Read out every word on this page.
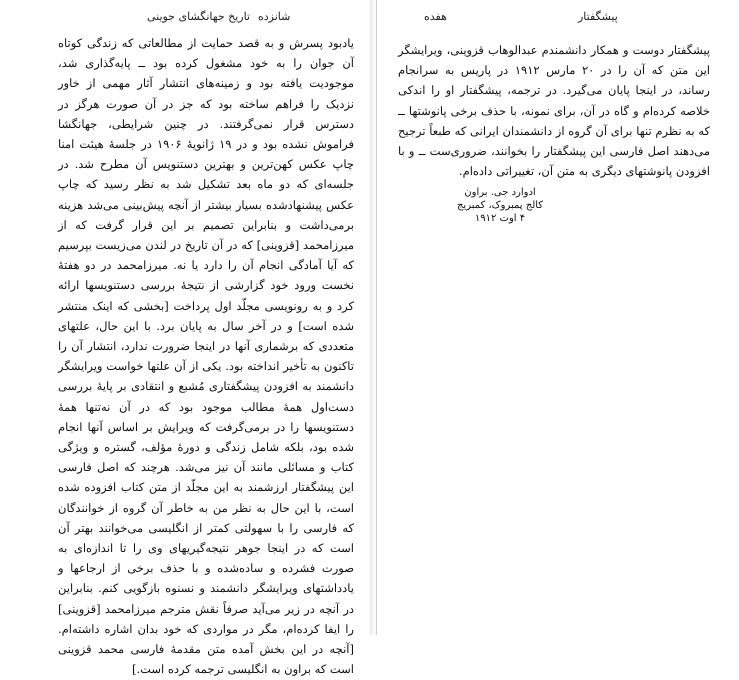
تاریخ جهانگشای جوینی شانزده

یادبود پسرش و به قصد حمایت از مطالعاتی که زندگی کوتاه آن جوان را به خود مشغول کرده بود ــ پایه‌گذاری شد، موجودیت یافته بود و زمینه‌های انتشار آثار مهمی از خاور نزدیک را فراهم ساخته بود که جز در آن صورت هرگز در دسترس قرار نمی‌گرفتند. در چنین شرایطی، جهانگشا فراموش نشده بود و در ۱۹ ژانویهٔ ۱۹۰۶ در جلسهٔ هیئت امنا چاپ عکس کهن‌ترین و بهترین دستنویس آن مطرح شد. در جلسه‌ای که دو ماه بعد تشکیل شد به نظر رسید که چاپ عکس پیشنهادشده بسیار بیشتر از آنچه پیش‌بینی می‌شد هزینه برمی‌داشت و بنابراین تصمیم بر این قرار گرفت که از میرزامحمد [قزوینی] که در آن تاریخ در لندن می‌زیست بپرسیم که آیا آمادگی انجام آن را دارد یا نه. میرزامحمد در دو هفتهٔ نخست ورود خود گزارشی از نتیجهٔ بررسی دستنویسها ارائه کرد و به رونویسی مجلّد اول پرداخت [بخشی که اینک منتشر شده است] و در آخر سال به پایان برد. با این حال، علتهای متعددی که برشماری آنها در اینجا ضرورت ندارد، انتشار آن را تاکنون به تأخیر انداخته بود. یکی از آن علتها خواست ویرایشگر دانشمند به افزودن پیشگفتاری مُشبع و انتقادی بر پایهٔ بررسی دست‌اول همهٔ مطالب موجود بود که در آن نه‌تنها همهٔ دستنویسها را در برمی‌گرفت که ویرایش بر اساس آنها انجام شده بود، بلکه شامل زندگی و دورهٔ مؤلف، گستره و ویژگی کتاب و مسائلی مانند آن نیز می‌شد. هرچند که اصل فارسی این پیشگفتار ارزشمند به این مجلّد از متن کتاب افزوده شده است، با این حال به نظر من به خاطر آن گروه از خوانندگان که فارسی را با سهولتی کمتر از انگلیسی می‌خوانند بهتر آن است که در اینجا جوهر نتیجه‌گیریهای وی را تا اندازه‌ای به صورت فشرده و ساده‌شده و با حذف برخی از ارجاعها و یادداشتهای ویرایشگر دانشمند و نسنوه بازگویی کنم. بنابراین در آنچه در زیر می‌آید صرفاً نقش مترجم میرزامحمد [قزوینی] را ایفا کرده‌ام، مگر در مواردی که خود بدان اشاره داشته‌ام. [آنچه در این بخش آمده متن مقدمهٔ فارسی محمد قزوینی است که براون به انگلیسی ترجمه کرده است.]

هفده	پیشگفتار

پیشگفتار دوست و همکار دانشمندم عبدالوهاب قزوینی، ویرایشگر این متن که آن را در ۲۰ مارس ۱۹۱۲ در پاریس به سرانجام رساند، در اینجا پایان می‌گیرد. در ترجمه، پیشگفتار او را اندکی خلاصه کرده‌ام و گاه در آن، برای نمونه، با حذف برخی پانوشتها ــ که به نظرم تنها برای آن گروه از دانشمندان ایرانی که طبعاً ترجیح می‌دهند اصل فارسی این پیشگفتار را بخوانند، ضروری‌ست ــ و با افزودن پانوشتهای دیگری به متن آن، تغییراتی داده‌ام.

ادوارد جی. براون
کالج پمبروک، کمبریج
۴ اوت ۱۹۱۲
